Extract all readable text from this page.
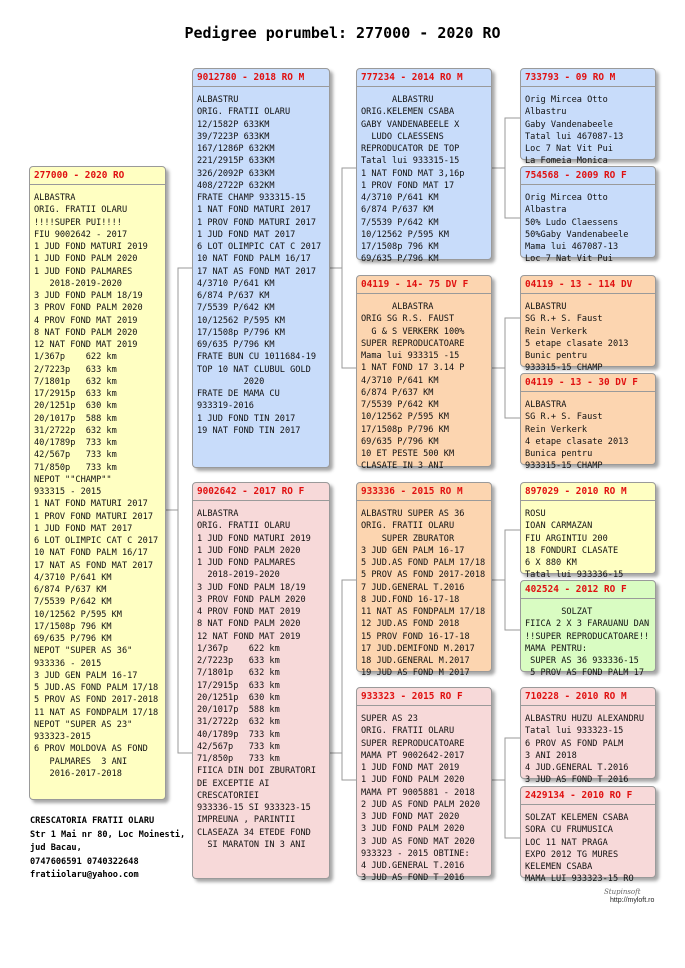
Pedigree porumbel: 277000 - 2020 RO
277000 - 2020 RO
ALBASTRA
ORIG. FRATII OLARU
!!!!SUPER PUI!!!!
FIU 9002642 - 2017
1 JUD FOND MATURI 2019
1 JUD FOND PALM 2020
1 JUD FOND PALMARES
2018-2019-2020
3 JUD FOND PALM 18/19
3 PROV FOND PALM 2020
4 PROV FOND MAT 2019
8 NAT FOND PALM 2020
12 NAT FOND MAT 2019
1/367p    622 km
2/7223p   633 km
7/1801p   632 km
17/2915p  633 km
20/1251p  630 km
20/1017p  588 km
31/2722p  632 km
40/1789p  733 km
42/567p   733 km
71/850p   733 km
NEPOT ""CHAMP""
933315 - 2015
1 NAT FOND MATURI 2017
1 PROV FOND MATURI 2017
1 JUD FOND MAT 2017
6 LOT OLIMPIC CAT C 2017
10 NAT FOND PALM 16/17
17 NAT AS FOND MAT 2017
4/3710 P/641 KM
6/874 P/637 KM
7/5539 P/642 KM
10/12562 P/595 KM
17/1508p 796 KM
69/635 P/796 KM
NEPOT "SUPER AS 36"
933336 - 2015
3 JUD GEN PALM 16-17
5 JUD.AS FOND PALM 17/18
5 PROV AS FOND 2017-2018
11 NAT AS FONDPALM 17/18
NEPOT "SUPER AS 23"
933323-2015
6 PROV MOLDOVA AS FOND
PALMARES  3 ANI
2016-2017-2018
9012780 - 2018 RO M
ALBASTRU
ORIG. FRATII OLARU
12/1582P 633KM
39/7223P 633KM
167/1286P 632KM
221/2915P 633KM
326/2092P 633KM
408/2722P 632KM
FRATE CHAMP 933315-15
1 NAT FOND MATURI 2017
1 PROV FOND MATURI 2017
1 JUD FOND MAT 2017
6 LOT OLIMPIC CAT C 2017
10 NAT FOND PALM 16/17
17 NAT AS FOND MAT 2017
4/3710 P/641 KM
6/874 P/637 KM
7/5539 P/642 KM
10/12562 P/595 KM
17/1508p P/796 KM
69/635 P/796 KM
FRATE BUN CU 1011684-19
TOP 10 NAT CLUBUL GOLD
2020
FRATE DE MAMA CU
933319-2016
1 JUD FOND TIN 2017
19 NAT FOND TIN 2017
9002642 - 2017 RO F
ALBASTRA
ORIG. FRATII OLARU
1 JUD FOND MATURI 2019
1 JUD FOND PALM 2020
1 JUD FOND PALMARES
2018-2019-2020
3 JUD FOND PALM 18/19
3 PROV FOND PALM 2020
4 PROV FOND MAT 2019
8 NAT FOND PALM 2020
12 NAT FOND MAT 2019
1/367p    622 km
2/7223p   633 km
7/1801p   632 km
17/2915p  633 km
20/1251p  630 km
20/1017p  588 km
31/2722p  632 km
40/1789p  733 km
42/567p   733 km
71/850p   733 km
FIICA DIN DOI ZBURATORI
DE EXCEPTIE AI
CRESCATORIEI
933336-15 SI 933323-15
IMPREUNA , PARINTII
CLASEAZA 34 ETEDE FOND
SI MARATON IN 3 ANI
777234 - 2014 RO M
ALBASTRU
ORIG.KELEMEN CSABA
GABY VANDENABEELE X
LUDO CLAESSENS
REPRODUCATOR DE TOP
Tatal lui 933315-15
1 NAT FOND MAT 3,16p
1 PROV FOND MAT 17
4/3710 P/641 KM
6/874 P/637 KM
7/5539 P/642 KM
10/12562 P/595 KM
17/1508p 796 KM
69/635 P/796 KM
04119 - 14- 75 DV F
ALBASTRA
ORIG SG R.S. FAUST
G & S VERKERK 100%
SUPER REPRODUCATOARE
Mama lui 933315 -15
1 NAT FOND 17 3.14 P
4/3710 P/641 KM
6/874 P/637 KM
7/5539 P/642 KM
10/12562 P/595 KM
17/1508p P/796 KM
69/635 P/796 KM
10 ET PESTE 500 KM
CLASATE IN 3 ANI
933336 - 2015 RO M
ALBASTRU SUPER AS 36
ORIG. FRATII OLARU
SUPER ZBURATOR
3 JUD GEN PALM 16-17
5 JUD.AS FOND PALM 17/18
5 PROV AS FOND 2017-2018
7 JUD.GENERAL T.2016
8 JUD.FOND 16-17-18
11 NAT AS FONDPALM 17/18
12 JUD.AS FOND 2018
15 PROV FOND 16-17-18
17 JUD.DEMIFOND M.2017
18 JUD.GENERAL M.2017
19 JUD AS FOND M 2017
933323 - 2015 RO F
SUPER AS 23
ORIG. FRATII OLARU
SUPER REPRODUCATOARE
MAMA PT 9002642-2017
1 JUD FOND MAT 2019
1 JUD FOND PALM 2020
MAMA PT 9005881 - 2018
2 JUD AS FOND PALM 2020
3 JUD FOND MAT 2020
3 JUD FOND PALM 2020
3 JUD AS FOND MAT 2020
933323 - 2015 OBTINE:
4 JUD.GENERAL T.2016
3 JUD AS FOND T 2016
733793 - 09 RO M
Orig Mircea Otto
Albastru
Gaby Vandenabeele
Tatal lui 467087-13
Loc 7 Nat Vit Pui
La Fomeia Monica
754568 - 2009 RO F
Orig Mircea Otto
Albastra
50% Ludo Claessens
50%Gaby Vandenabeele
Mama lui 467087-13
Loc 7 Nat Vit Pui
04119 - 13 - 114 DV
ALBASTRU
SG R.+ S. Faust
Rein Verkerk
5 etape clasate 2013
Bunic pentru
933315-15 CHAMP
04119 - 13 - 30 DV F
ALBASTRA
SG R.+ S. Faust
Rein Verkerk
4 etape clasate 2013
Bunica pentru
933315-15 CHAMP
897029 - 2010 RO M
ROSU
IOAN CARMAZAN
FIU ARGINTIU 200
18 FONDURI CLASATE
6 X 880 KM
Tatal lui 933336-15
402524 - 2012 RO F
SOLZAT
FIICA 2 X 3 FARAUANU DAN
!!SUPER REPRODUCATOARE!!
MAMA PENTRU:
SUPER AS 36 933336-15
5 PROV AS FOND PALM 17
710228 - 2010 RO M
ALBASTRU HUZU ALEXANDRU
Tatal lui 933323-15
6 PROV AS FOND PALM
3 ANI 2018
4 JUD.GENERAL T.2016
3 JUD AS FOND T 2016
2429134 - 2010 RO F
SOLZAT KELEMEN CSABA
SORA CU FRUMUSICA
LOC 11 NAT PRAGA
EXPO 2012 TG MURES
KELEMEN CSABA
MAMA LUI 933323-15 RO
CRESCATORIA FRATII OLARU
Str 1 Mai nr 80, Loc Moinesti,
jud Bacau,
0747606591 0740322648
fratiiolaru@yahoo.com
Stupinsoft
http://myloft.ro
